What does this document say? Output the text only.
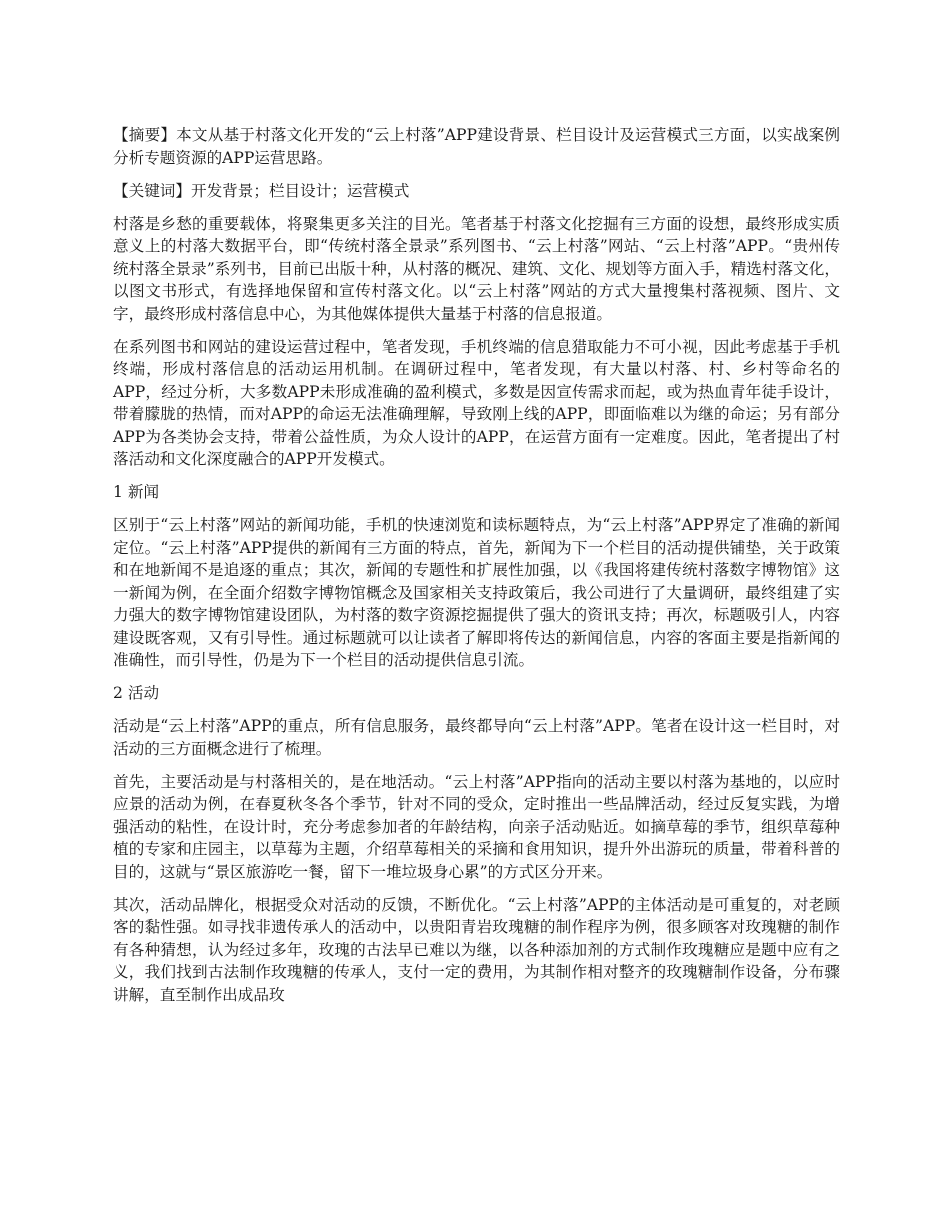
【摘要】本文从基于村落文化开发的“云上村落”APP建设背景、栏目设计及运营模式三方面，以实战案例分析专题资源的APP运营思路。

【关键词】开发背景；栏目设计；运营模式

村落是乡愁的重要载体，将聚集更多关注的目光。笔者基于村落文化挖掘有三方面的设想，最终形成实质意义上的村落大数据平台，即“传统村落全景录”系列图书、“云上村落”网站、“云上村落”APP。“贵州传统村落全景录”系列书，目前已出版十种，从村落的概况、建筑、文化、规划等方面入手，精选村落文化，以图文书形式，有选择地保留和宣传村落文化。以“云上村落”网站的方式大量搜集村落视频、图片、文字，最终形成村落信息中心，为其他媒体提供大量基于村落的信息报道。

在系列图书和网站的建设运营过程中，笔者发现，手机终端的信息猎取能力不可小视，因此考虑基于手机终端，形成村落信息的活动运用机制。在调研过程中，笔者发现，有大量以村落、村、乡村等命名的APP，经过分析，大多数APP未形成准确的盈利模式，多数是因宣传需求而起，或为热血青年徒手设计，带着朦胧的热情，而对APP的命运无法准确理解，导致刚上线的APP，即面临难以为继的命运；另有部分APP为各类协会支持，带着公益性质，为众人设计的APP，在运营方面有一定难度。因此，笔者提出了村落活动和文化深度融合的APP开发模式。

1 新闻

区别于“云上村落”网站的新闻功能，手机的快速浏览和读标题特点，为“云上村落”APP界定了准确的新闻定位。“云上村落”APP提供的新闻有三方面的特点，首先，新闻为下一个栏目的活动提供铺垫，关于政策和在地新闻不是追逐的重点；其次，新闻的专题性和扩展性加强，以《我国将建传统村落数字博物馆》这一新闻为例，在全面介绍数字博物馆概念及国家相关支持政策后，我公司进行了大量调研，最终组建了实力强大的数字博物馆建设团队，为村落的数字资源挖掘提供了强大的资讯支持；再次，标题吸引人，内容建设既客观，又有引导性。通过标题就可以让读者了解即将传达的新闻信息，内容的客面主要是指新闻的准确性，而引导性，仍是为下一个栏目的活动提供信息引流。

2 活动

活动是“云上村落”APP的重点，所有信息服务，最终都导向“云上村落”APP。笔者在设计这一栏目时，对活动的三方面概念进行了梳理。

首先，主要活动是与村落相关的，是在地活动。“云上村落”APP指向的活动主要以村落为基地的，以应时应景的活动为例，在春夏秋冬各个季节，针对不同的受众，定时推出一些品牌活动，经过反复实践，为增强活动的粘性，在设计时，充分考虑参加者的年龄结构，向亲子活动贴近。如摘草莓的季节，组织草莓种植的专家和庄园主，以草莓为主题，介绍草莓相关的采摘和食用知识，提升外出游玩的质量，带着科普的目的，这就与“景区旅游吃一餐，留下一堆垃圾身心累”的方式区分开来。

其次，活动品牌化，根据受众对活动的反馈，不断优化。“云上村落”APP的主体活动是可重复的，对老顾客的黏性强。如寻找非遗传承人的活动中，以贵阳青岩玫瑰糖的制作程序为例，很多顾客对玫瑰糖的制作有各种猜想，认为经过多年，玫瑰的古法早已难以为继，以各种添加剂的方式制作玫瑰糖应是题中应有之义，我们找到古法制作玫瑰糖的传承人，支付一定的费用，为其制作相对整齐的玫瑰糖制作设备，分布骤讲解，直至制作出成品玫
